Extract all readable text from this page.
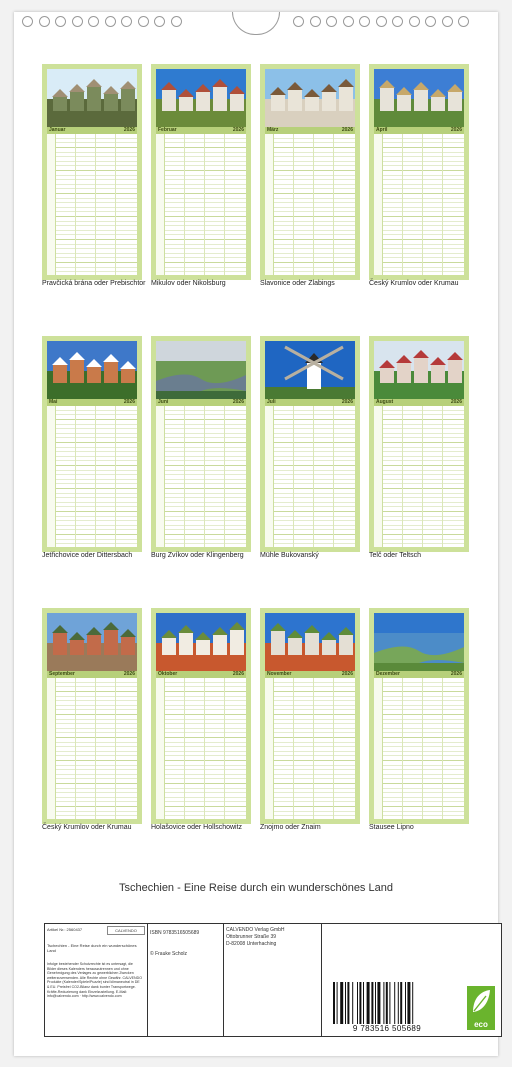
Januar	2026
Pravčická brána oder Prebischtor
Februar	2026
Mikulov oder Nikolsburg
März	2026
Slavonice oder Zlabings
April	2026
Český Krumlov oder Krumau
Mai	2026
Jetřichovice oder Dittersbach
Juni	2026
Burg Zvíkov oder Klingenberg
Juli	2026
Mühle Bukovanský
August	2026
Telč oder Teltsch
September	2026
Český Krumlov oder Krumau
Oktober	2026
Holašovice oder Hollschowitz
November	2026
Znojmo oder Znaim
Dezember	2026
Stausee Lipno
Tschechien - Eine Reise durch ein wunderschönes Land
Artikel Nr.: 2560437	CALVENDO
Tschechien - Eine Reise durch ein wunderschönes Land
Infolge bestehender Schutzrechte ist es untersagt, die Bilder dieses Kalenders herauszutrennen und ohne Genehmigung des Verlages zu gewerblichen Zwecken weiterzuverwenden. Alle Rechte ohne Gewähr. CALVENDO Produkte (Kalender/Spiele/Puzzle) sind klimaneutral in DE & EU. Preisfrei CO2-Bilanz dank bunter Transportwege. Kräfte-Reduzierung dank Einzelzustellung. E-Mail: info@calvendo.com · http://www.calvendo.com
ISBN 9783516505689
© Frauke Scholz
CALVENDO Verlag GmbH
Ottobrunner Straße 39
D-82008 Unterhaching
9 783516 505689	eco
